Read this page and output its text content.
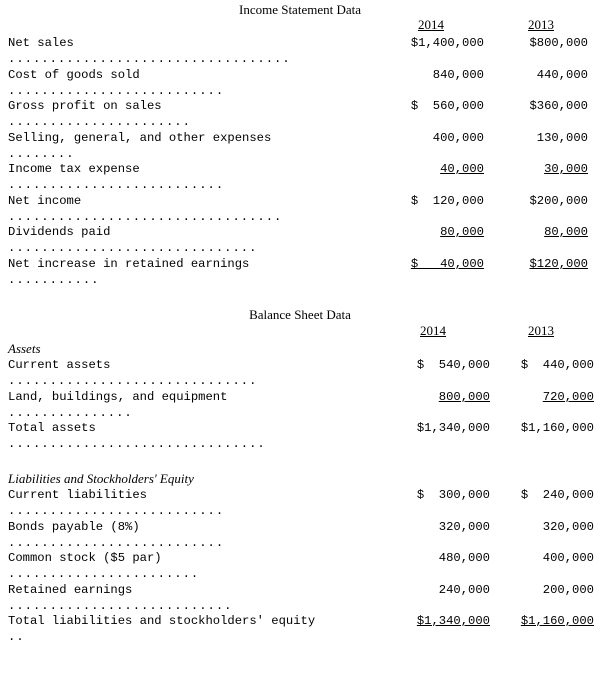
Income Statement Data
2014	2013
Net sales	$1,400,000	$800,000
..................................
Cost of goods sold	840,000	440,000
..........................
Gross profit on sales	$  560,000	$360,000
......................
Selling, general, and other expenses	400,000	130,000
........
Income tax expense	40,000	30,000
..........................
Net income	$  120,000	$200,000
.................................
Dividends paid	80,000	80,000
..............................
Net increase in retained earnings	$   40,000	$120,000
...........
Balance Sheet Data
2014	2013
Assets
Current assets	$  540,000	$  440,000
..............................
Land, buildings, and equipment	800,000	720,000
...............
Total assets	$1,340,000	$1,160,000
...............................
Liabilities and Stockholders' Equity
Current liabilities	$  300,000	$  240,000
..........................
Bonds payable (8%)	320,000	320,000
..........................
Common stock ($5 par)	480,000	400,000
.......................
Retained earnings	240,000	200,000
...........................
Total liabilities and stockholders' equity	$1,340,000	$1,160,000
..
